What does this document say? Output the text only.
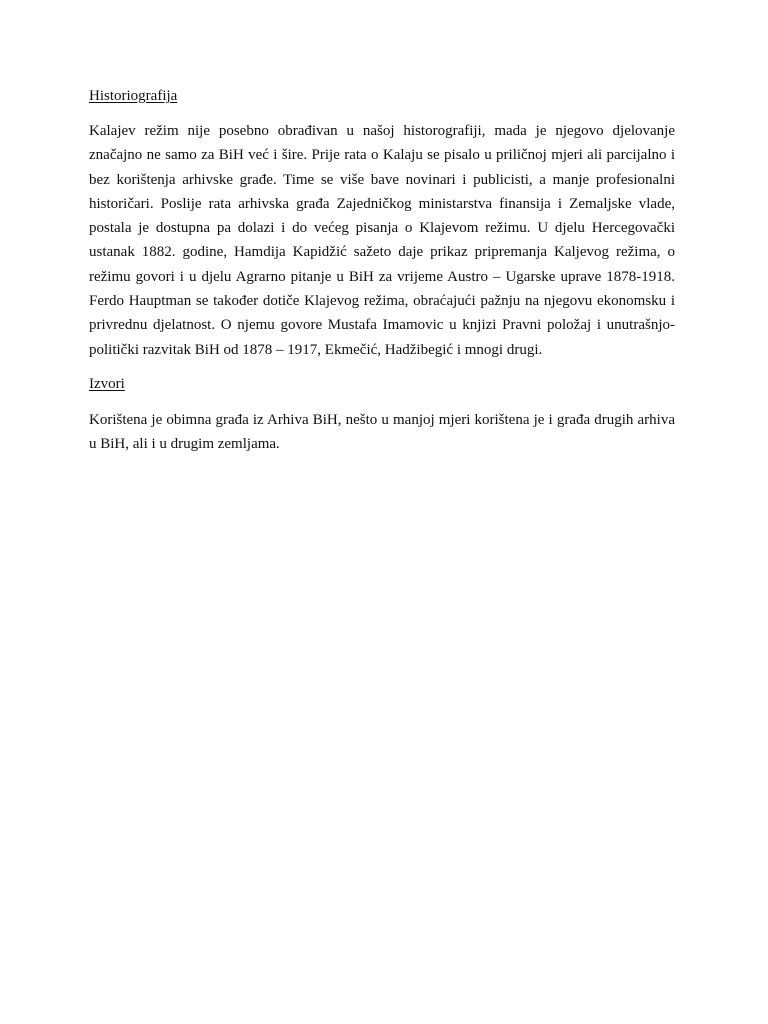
Historiografija

Kalajev režim nije posebno obrađivan u našoj historografiji, mada je njegovo djelovanje značajno ne samo za BiH već i šire. Prije rata o Kalaju se pisalo u priličnoj mjeri ali parcijalno i bez korištenja arhivske građe. Time se više bave novinari i publicisti, a manje profesionalni historičari. Poslije rata arhivska građa Zajedničkog ministarstva finansija i Zemaljske vlade, postala je dostupna pa dolazi i do većeg pisanja o Klajevom režimu. U djelu Hercegovački ustanak 1882. godine, Hamdija Kapidžić sažeto daje prikaz pripremanja Kaljevog režima, o režimu govori i u djelu Agrarno pitanje u BiH za vrijeme Austro – Ugarske uprave 1878-1918. Ferdo Hauptman se također dotiče Klajevog režima, obraćajući pažnju na njegovu ekonomsku i privrednu djelatnost. O njemu govore Mustafa Imamovic u knjizi Pravni položaj i unutrašnjo-politički razvitak BiH od 1878 – 1917, Ekmečić, Hadžibegić i mnogi drugi.

Izvori

Korištena je obimna građa iz Arhiva BiH, nešto u manjoj mjeri korištena je i građa drugih arhiva u BiH, ali i u drugim zemljama.
